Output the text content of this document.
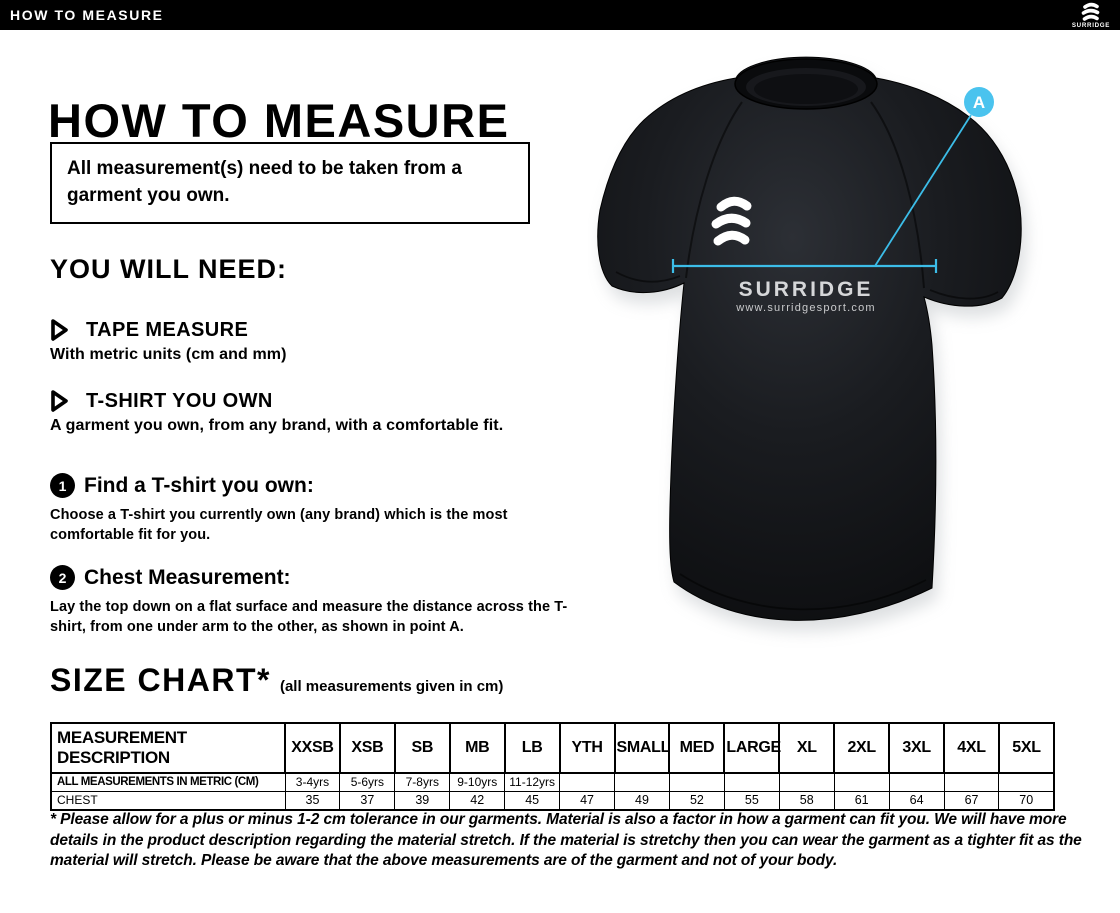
HOW TO MEASURE
SURRIDGE
HOW TO MEASURE
All measurement(s) need to be taken from a garment you own.
YOU WILL NEED:
TAPE MEASURE
With metric units (cm and mm)
T-SHIRT YOU OWN
A garment you own, from any brand, with a comfortable fit.
1 Find a T-shirt you own:
Choose a T-shirt you currently own (any brand) which is the most comfortable fit for you.
2 Chest Measurement:
Lay the top down on a flat surface and measure the distance across the T-shirt, from one under arm to the other, as shown in point A.
SIZE CHART* (all measurements given in cm)
MEASUREMENT DESCRIPTION	XXSB	XSB	SB	MB	LB	YTH	SMALL	MED	LARGE	XL	2XL	3XL	4XL	5XL
ALL MEASUREMENTS IN METRIC (CM)	3-4yrs	5-6yrs	7-8yrs	9-10yrs	11-12yrs									
CHEST	35	37	39	42	45	47	49	52	55	58	61	64	67	70
* Please allow for a plus or minus 1-2 cm tolerance in our garments. Material is also a factor in how a garment can fit you. We will have more details in the product description regarding the material stretch. If the material is stretchy then you can wear the garment as a tighter fit as the material will stretch. Please be aware that the above measurements are of the garment and not of your body.
SURRIDGE
www.surridgesport.com
A
